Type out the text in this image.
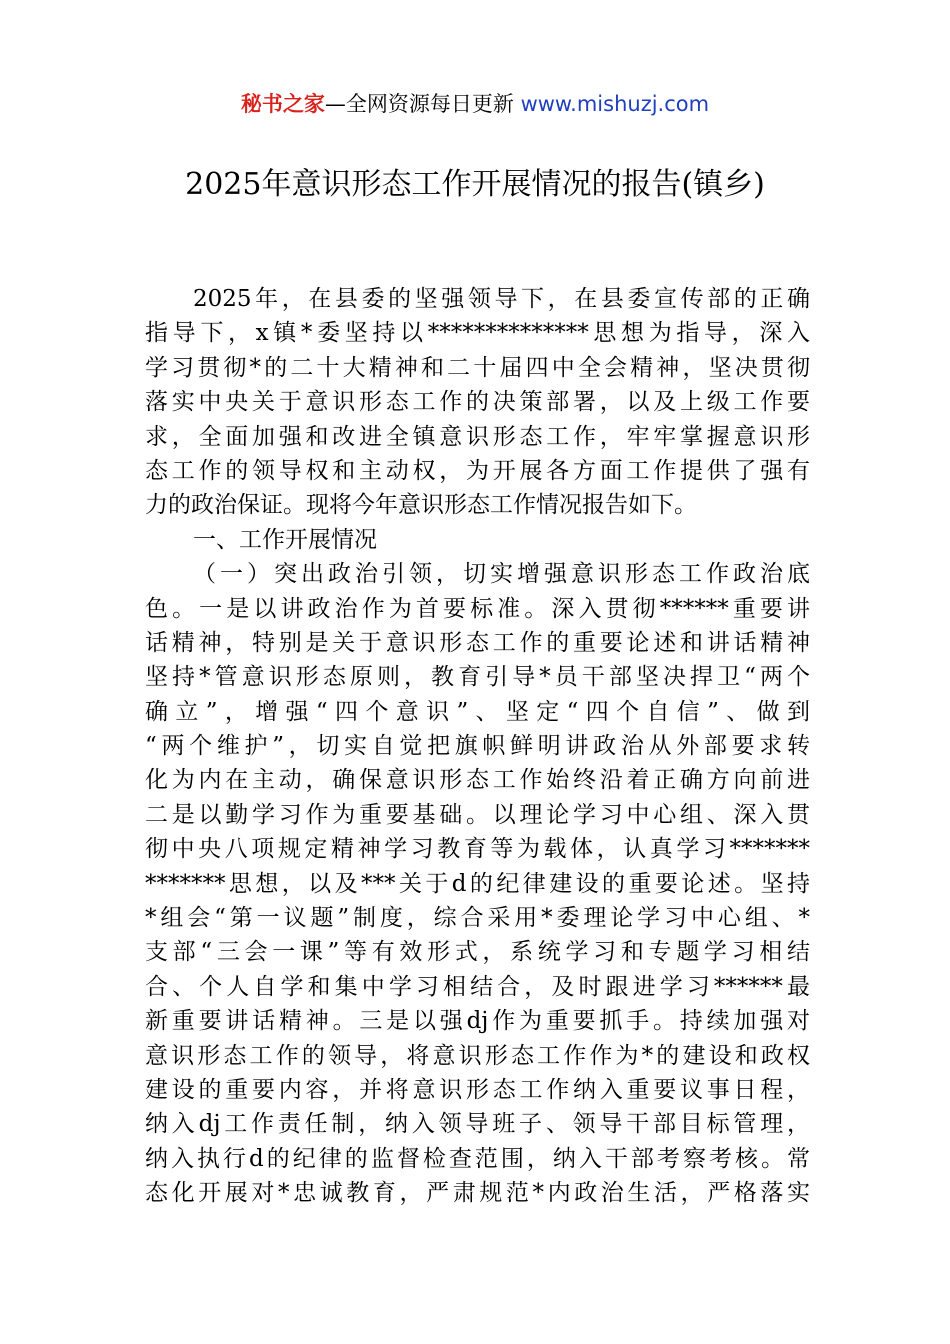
秘书之家—全网资源每日更新 www.mishuzj.com
2025年意识形态工作开展情况的报告(镇乡)
2025年，在县委的坚强领导下，在县委宣传部的正确
指导下，x镇*委坚持以**************思想为指导，深入
学习贯彻*的二十大精神和二十届四中全会精神，坚决贯彻
落实中央关于意识形态工作的决策部署，以及上级工作要
求，全面加强和改进全镇意识形态工作，牢牢掌握意识形
态工作的领导权和主动权，为开展各方面工作提供了强有
力的政治保证。现将今年意识形态工作情况报告如下。
一、工作开展情况
（一）突出政治引领，切实增强意识形态工作政治底
色。一是以讲政治作为首要标准。深入贯彻******重要讲
话精神，特别是关于意识形态工作的重要论述和讲话精神
坚持*管意识形态原则，教育引导*员干部坚决捍卫“两个
确立”，增强“四个意识”、坚定“四个自信”、做到
“两个维护”，切实自觉把旗帜鲜明讲政治从外部要求转
化为内在主动，确保意识形态工作始终沿着正确方向前进
二是以勤学习作为重要基础。以理论学习中心组、深入贯
彻中央八项规定精神学习教育等为载体，认真学习*******
*******思想，以及***关于d的纪律建设的重要论述。坚持
*组会“第一议题”制度，综合采用*委理论学习中心组、*
支部“三会一课”等有效形式，系统学习和专题学习相结
合、个人自学和集中学习相结合，及时跟进学习******最
新重要讲话精神。三是以强dj作为重要抓手。持续加强对
意识形态工作的领导，将意识形态工作作为*的建设和政权
建设的重要内容，并将意识形态工作纳入重要议事日程，
纳入dj工作责任制，纳入领导班子、领导干部目标管理，
纳入执行d的纪律的监督检查范围，纳入干部考察考核。常
态化开展对*忠诚教育，严肃规范*内政治生活，严格落实
